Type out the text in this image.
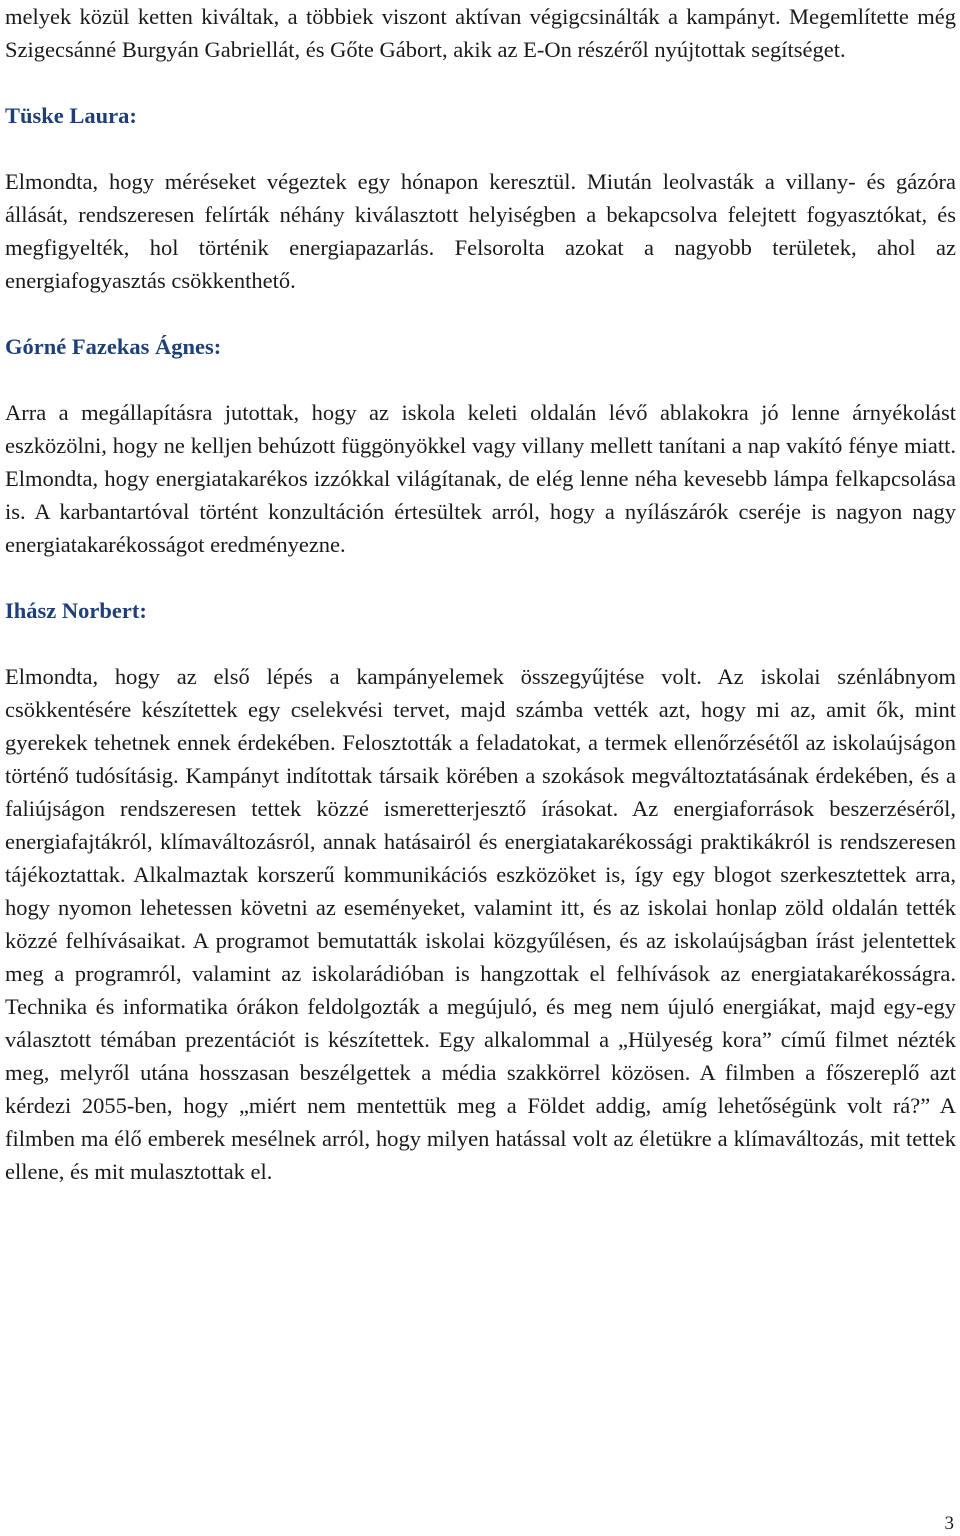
melyek közül ketten kiváltak, a többiek viszont aktívan végigcsinálták a kampányt. Megemlítette még Szigecsánné Burgyán Gabriellát, és Gőte Gábort, akik az E-On részéről nyújtottak segítséget.

Tüske Laura:

Elmondta, hogy méréseket végeztek egy hónapon keresztül. Miután leolvasták a villany- és gázóra állását, rendszeresen felírták néhány kiválasztott helyiségben a bekapcsolva felejtett fogyasztókat, és megfigyelték, hol történik energiapazarlás. Felsorolta azokat a nagyobb területek, ahol az energiafogyasztás csökkenthető.

Górné Fazekas Ágnes:

Arra a megállapításra jutottak, hogy az iskola keleti oldalán lévő ablakokra jó lenne árnyékolást eszközölni, hogy ne kelljen behúzott függönyökkel vagy villany mellett tanítani a nap vakító fénye miatt. Elmondta, hogy energiatakarékos izzókkal világítanak, de elég lenne néha kevesebb lámpa felkapcsolása is. A karbantartóval történt konzultáción értesültek arról, hogy a nyílászárók cseréje is nagyon nagy energiatakarékosságot eredményezne.

Ihász Norbert:

Elmondta, hogy az első lépés a kampányelemek összegyűjtése volt. Az iskolai szénlábnyom csökkentésére készítettek egy cselekvési tervet, majd számba vették azt, hogy mi az, amit ők, mint gyerekek tehetnek ennek érdekében. Felosztották a feladatokat, a termek ellenőrzésétől az iskolaújságon történő tudósításig. Kampányt indítottak társaik körében a szokások megváltoztatásának érdekében, és a faliújságon rendszeresen tettek közzé ismeretterjesztő írásokat. Az energiaforrások beszerzéséről, energiafajtákról, klímaváltozásról, annak hatásairól és energiatakarékossági praktikákról is rendszeresen tájékoztattak. Alkalmaztak korszerű kommunikációs eszközöket is, így egy blogot szerkesztettek arra, hogy nyomon lehetessen követni az eseményeket, valamint itt, és az iskolai honlap zöld oldalán tették közzé felhívásaikat. A programot bemutatták iskolai közgyűlésen, és az iskolaújságban írást jelentettek meg a programról, valamint az iskolarádióban is hangzottak el felhívások az energiatakarékosságra. Technika és informatika órákon feldolgozták a megújuló, és meg nem újuló energiákat, majd egy-egy választott témában prezentációt is készítettek. Egy alkalommal a „Hülyeség kora” című filmet nézték meg, melyről utána hosszasan beszélgettek a média szakkörrel közösen. A filmben a főszereplő azt kérdezi 2055-ben, hogy „miért nem mentettük meg a Földet addig, amíg lehetőségünk volt rá?” A filmben ma élő emberek mesélnek arról, hogy milyen hatással volt az életükre a klímaváltozás, mit tettek ellene, és mit mulasztottak el.

3
